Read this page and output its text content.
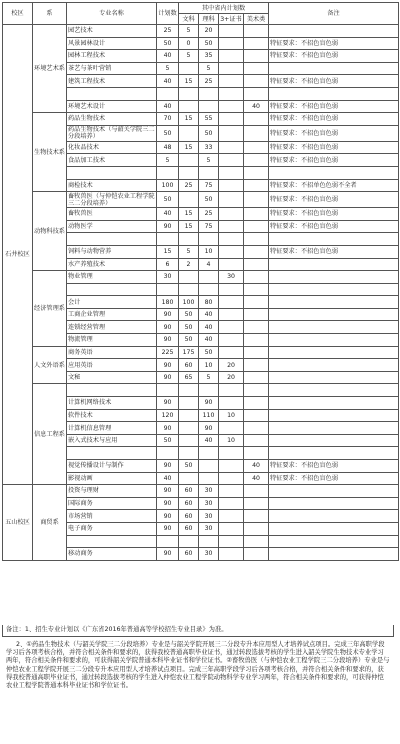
校区	系	专业名称	计划数	其中省内计划数				备注
				文科	理科	3+证书	美术类	
石井校区	环境艺术系	园艺技术	25	5	20			
		风景园林设计	50	0	50			特征要求：不招色盲色弱
		园林工程技术	40	5	35			特征要求：不招色盲色弱
		茶艺与茶叶营销	5		5			
		建筑工程技术	40	15	25			特征要求：不招色盲色弱

		环境艺术设计	40				40	特征要求：不招色盲色弱
	生物技术系	药品生物技术	70	15	55			特征要求：不招色盲色弱
		药品生物技术（与韶关学院三二分段培养）	50		50			特征要求：不招色盲色弱
		化妆品技术	48	15	33			特征要求：不招色盲色弱
		食品加工技术	5		5			特征要求：不招色盲色弱

		商检技术	100	25	75			特征要求：不招单色色弱不全者
	动物科技系	畜牧兽医（与仲恺农业工程学院三二分段培养）	50		50			特征要求：不招色盲色弱
		畜牧兽医	40	15	25			特征要求：不招色盲色弱
		动物医学	90	15	75			特征要求：不招色盲色弱

		饲料与动物营养	15	5	10			特征要求：不招色盲色弱
		水产养殖技术	6	2	4			
	经济管理系	物业管理	30			30		

		会计	180	100	80			
		工商企业管理	90	50	40			
		连锁经营管理	90	50	40			
		物流管理	90	50	40			
	人文外语系	商务英语	225	175	50			
		应用英语	90	60	10	20		
		文秘	90	65	5	20		
	信息工程系							
		计算机网络技术	90		90			
		软件技术	120		110	10		
		计算机信息管理	90		90			
		嵌入式技术与应用	50		40	10		

		视觉传播设计与制作	90	50			40	特征要求：不招色盲色弱
		影视动画	40				40	特征要求：不招色盲色弱
五山校区	商贸系	投资与理财	90	60	30			
		国际商务	90	60	30			
		市场营销	90	60	30			
		电子商务	90	60	30			

		移动商务	90	60	30			
备注：1、招生专业计划以《广东省2016年普通高等学校招生专业目录》为准。
2、①药品生物技术（与韶关学院三二分段培养）专业是与韶关学院开展三二分段专升本应用型人才培养试点项目。完成三年高职学段学习后各项考核合格，并符合相关条件和要求的，获得我校普通高职毕业证书，通过转段选拔考核的学生进入韶关学院生物技术专业学习两年，符合相关条件和要求的，可获得韶关学院普通本科毕业证书和学位证书。②畜牧兽医（与仲恺农业工程学院三二分段培养）专业是与仲恺农业工程学院开展三二分段专升本应用型人才培养试点项目。完成三年高职学段学习后各项考核合格，并符合相关条件和要求的，获得我校普通高职毕业证书，通过转段选拔考核的学生进入仲恺农业工程学院动物科学专业学习两年，符合相关条件和要求的，可获得仲恺农业工程学院普通本科毕业证书和学位证书。
